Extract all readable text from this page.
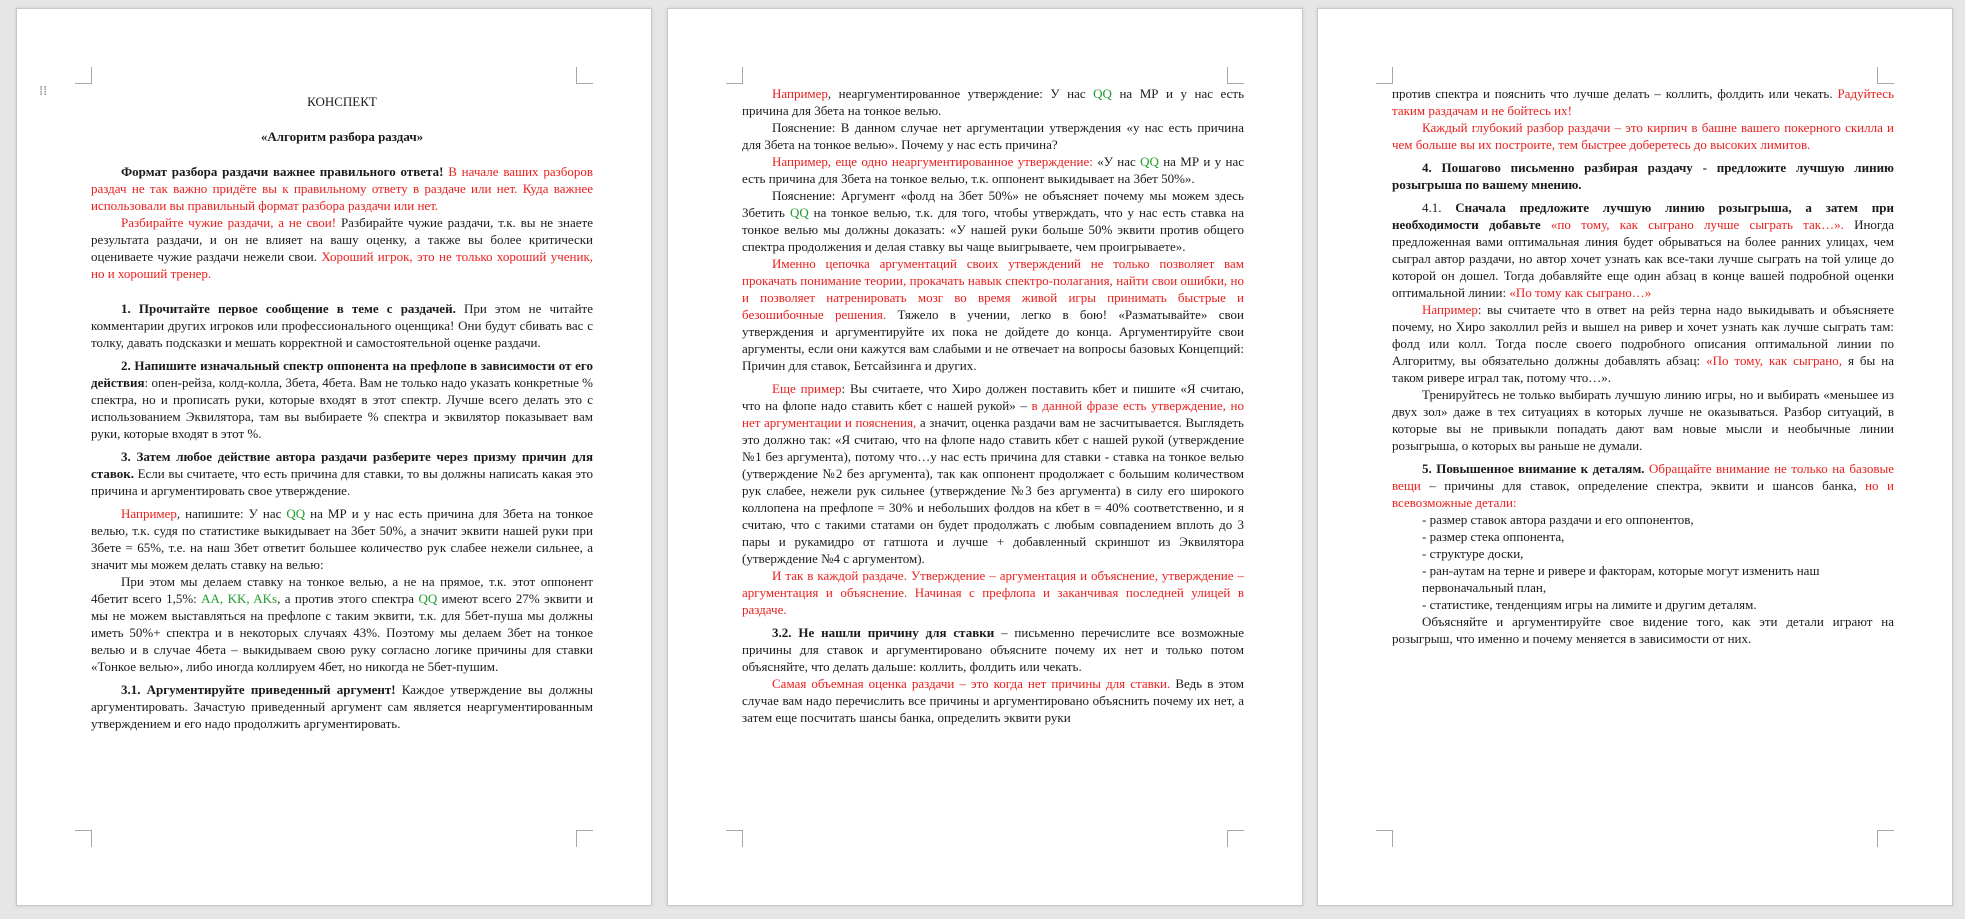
⁞⁞

КОНСПЕКТ

«Алгоритм разбора раздач»

Формат разбора раздачи важнее правильного ответа! В начале ваших разборов раздач не так важно придёте вы к правильному ответу в раздаче или нет. Куда важнее использовали вы правильный формат разбора раздачи или нет.

Разбирайте чужие раздачи, а не свои! Разбирайте чужие раздачи, т.к. вы не знаете результата раздачи, и он не влияет на вашу оценку, а также вы более критически оцениваете чужие раздачи нежели свои. Хороший игрок, это не только хороший ученик, но и хороший тренер.

1. Прочитайте первое сообщение в теме с раздачей. При этом не читайте комментарии других игроков или профессионального оценщика! Они будут сбивать вас с толку, давать подсказки и мешать корректной и самостоятельной оценке раздачи.

2. Напишите изначальный спектр оппонента на префлопе в зависимости от его действия: опен-рейза, колд-колла, 3бета, 4бета. Вам не только надо указать конкретные % спектра, но и прописать руки, которые входят в этот спектр. Лучше всего делать это с использованием Эквилятора, там вы выбираете % спектра и эквилятор показывает вам руки, которые входят в этот %.

3. Затем любое действие автора раздачи разберите через призму причин для ставок. Если вы считаете, что есть причина для ставки, то вы должны написать какая это причина и аргументировать свое утверждение.

Например, напишите: У нас QQ на МР и у нас есть причина для 3бета на тонкое велью, т.к. судя по статистике выкидывает на 3бет 50%, а значит эквити нашей руки при 3бете = 65%, т.е. на наш 3бет ответит большее количество рук слабее нежели сильнее, а значит мы можем делать ставку на велью:

При этом мы делаем ставку на тонкое велью, а не на прямое, т.к. этот оппонент 4бетит всего 1,5%: AA, KK, AKs, а против этого спектра QQ имеют всего 27% эквити и мы не можем выставляться на префлопе с таким эквити, т.к. для 5бет-пуша мы должны иметь 50%+ спектра и в некоторых случаях 43%. Поэтому мы делаем 3бет на тонкое велью и в случае 4бета – выкидываем свою руку согласно логике причины для ставки «Тонкое велью», либо иногда коллируем 4бет, но никогда не 5бет-пушим.

3.1. Аргументируйте приведенный аргумент! Каждое утверждение вы должны аргументировать. Зачастую приведенный аргумент сам является неаргументированным утверждением и его надо продолжить аргументировать.

Например, неаргументированное утверждение: У нас QQ на МР и у нас есть причина для 3бета на тонкое велью.

Пояснение: В данном случае нет аргументации утверждения «у нас есть причина для 3бета на тонкое велью». Почему у нас есть причина?

Например, еще одно неаргументированное утверждение: «У нас QQ на МР и у нас есть причина для 3бета на тонкое велью, т.к. оппонент выкидывает на 3бет 50%».

Пояснение: Аргумент «фолд на 3бет 50%» не объясняет почему мы можем здесь 3бетить QQ на тонкое велью, т.к. для того, чтобы утверждать, что у нас есть ставка на тонкое велью мы должны доказать: «У нашей руки больше 50% эквити против общего спектра продолжения и делая ставку вы чаще выигрываете, чем проигрываете».

Именно цепочка аргументаций своих утверждений не только позволяет вам прокачать понимание теории, прокачать навык спектро-полагания, найти свои ошибки, но и позволяет натренировать мозг во время живой игры принимать быстрые и безошибочные решения. Тяжело в учении, легко в бою! «Разматывайте» свои утверждения и аргументируйте их пока не дойдете до конца. Аргументируйте свои аргументы, если они кажутся вам слабыми и не отвечает на вопросы базовых Концепций: Причин для ставок, Бетсайзинга и других.

Еще пример: Вы считаете, что Хиро должен поставить кбет и пишите «Я считаю, что на флопе надо ставить кбет с нашей рукой» – в данной фразе есть утверждение, но нет аргументации и пояснения, а значит, оценка раздачи вам не засчитывается. Выглядеть это должно так: «Я считаю, что на флопе надо ставить кбет с нашей рукой (утверждение №1 без аргумента), потому что…у нас есть причина для ставки - ставка на тонкое велью (утверждение №2 без аргумента), так как оппонент продолжает с большим количеством рук слабее, нежели рук сильнее (утверждение №3 без аргумента) в силу его широкого коллопена на префлопе = 30% и небольших фолдов на кбет в = 40% соответственно, и я считаю, что с такими статами он будет продолжать с любым совпадением вплоть до 3 пары и рукамидро от гатшота и лучше + добавленный скриншот из Эквилятора (утверждение №4 с аргументом).

И так в каждой раздаче. Утверждение – аргументация и объяснение, утверждение – аргументация и объяснение. Начиная с префлопа и заканчивая последней улицей в раздаче.

3.2. Не нашли причину для ставки – письменно перечислите все возможные причины для ставок и аргументировано объясните почему их нет и только потом объясняйте, что делать дальше: коллить, фолдить или чекать.

Самая объемная оценка раздачи – это когда нет причины для ставки. Ведь в этом случае вам надо перечислить все причины и аргументировано объяснить почему их нет, а затем еще посчитать шансы банка, определить эквити руки

против спектра и пояснить что лучше делать – коллить, фолдить или чекать. Радуйтесь таким раздачам и не бойтесь их!

Каждый глубокий разбор раздачи – это кирпич в башне вашего покерного скилла и чем больше вы их построите, тем быстрее доберетесь до высоких лимитов.

4. Пошагово письменно разбирая раздачу - предложите лучшую линию розыгрыша по вашему мнению.

4.1. Сначала предложите лучшую линию розыгрыша, а затем при необходимости добавьте «по тому, как сыграно лучше сыграть так…». Иногда предложенная вами оптимальная линия будет обрываться на более ранних улицах, чем сыграл автор раздачи, но автор хочет узнать как все-таки лучше сыграть на той улице до которой он дошел. Тогда добавляйте еще один абзац в конце вашей подробной оценки оптимальной линии: «По тому как сыграно…»

Например: вы считаете что в ответ на рейз терна надо выкидывать и объясняете почему, но Хиро заколлил рейз и вышел на ривер и хочет узнать как лучше сыграть там: фолд или колл. Тогда после своего подробного описания оптимальной линии по Алгоритму, вы обязательно должны добавлять абзац: «По тому, как сыграно, я бы на таком ривере играл так, потому что…».

Тренируйтесь не только выбирать лучшую линию игры, но и выбирать «меньшее из двух зол» даже в тех ситуациях в которых лучше не оказываться. Разбор ситуаций, в которые вы не привыкли попадать дают вам новые мысли и необычные линии розыгрыша, о которых вы раньше не думали.

5. Повышенное внимание к деталям. Обращайте внимание не только на базовые вещи – причины для ставок, определение спектра, эквити и шансов банка, но и всевозможные детали:

- размер ставок автора раздачи и его оппонентов,

- размер стека оппонента,

- структуре доски,

- ран-аутам на терне и ривере и факторам, которые могут изменить наш первоначальный план,

- статистике, тенденциям игры на лимите и другим деталям.

Объясняйте и аргументируйте свое видение того, как эти детали играют на розыгрыш, что именно и почему меняется в зависимости от них.
